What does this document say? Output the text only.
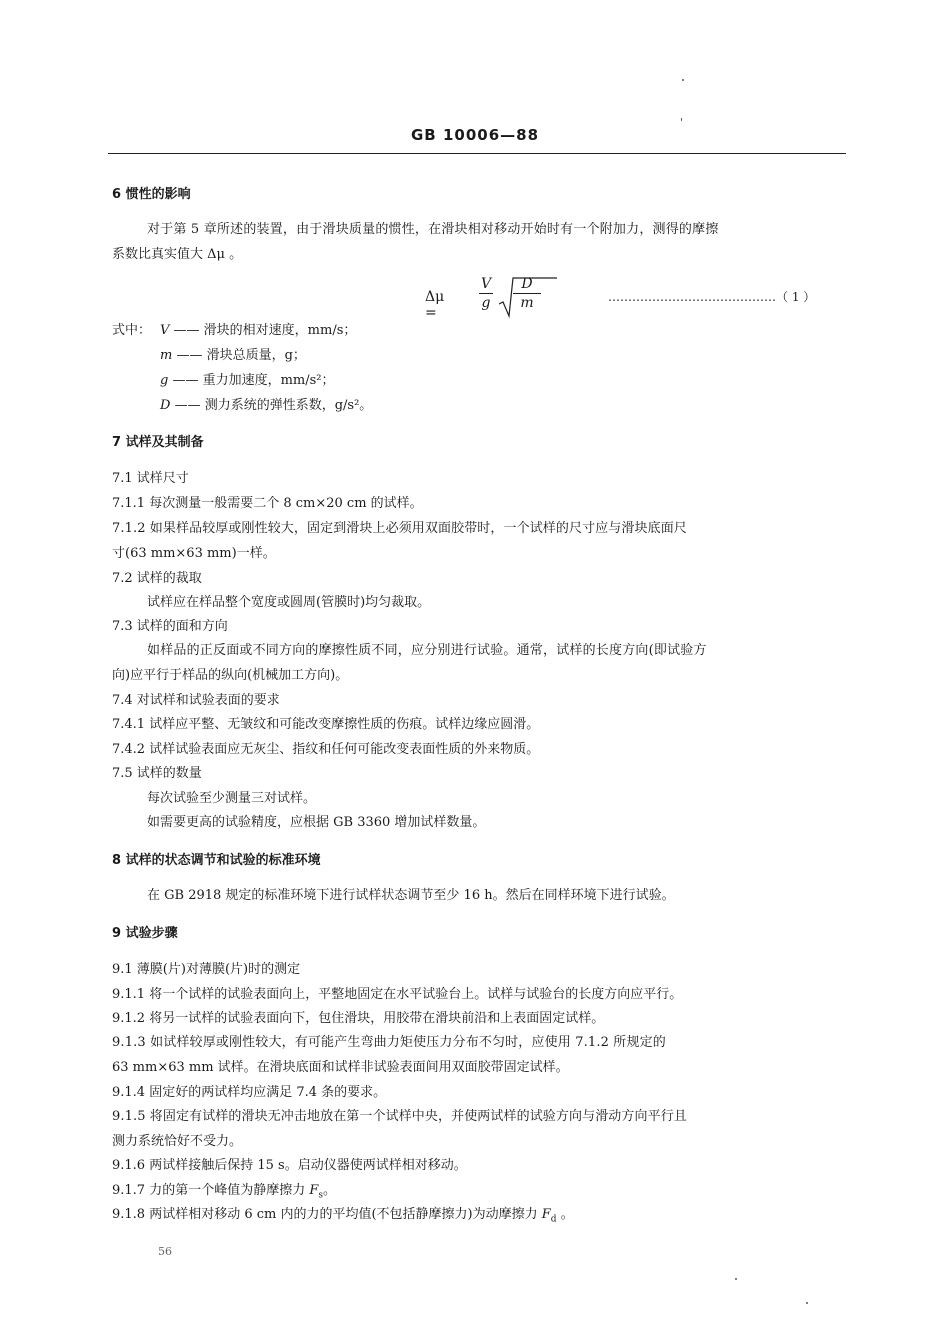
GB 10006—88
6 惯性的影响
对于第 5 章所述的装置，由于滑块质量的惯性，在滑块相对移动开始时有一个附加力，测得的摩擦
系数比真实值大 Δμ 。
Δμ =
V
g
D
m	……………………………………（ 1 ）
式中： V —— 滑块的相对速度，mm/s；
m —— 滑块总质量，g；
g —— 重力加速度，mm/s²；
D —— 测力系统的弹性系数，g/s²。
7 试样及其制备
7.1 试样尺寸
7.1.1 每次测量一般需要二个 8 cm×20 cm 的试样。
7.1.2 如果样品较厚或刚性较大，固定到滑块上必须用双面胶带时，一个试样的尺寸应与滑块底面尺
寸(63 mm×63 mm)一样。
7.2 试样的裁取
试样应在样品整个宽度或圆周(管膜时)均匀裁取。
7.3 试样的面和方向
如样品的正反面或不同方向的摩擦性质不同，应分别进行试验。通常，试样的长度方向(即试验方
向)应平行于样品的纵向(机械加工方向)。
7.4 对试样和试验表面的要求
7.4.1 试样应平整、无皱纹和可能改变摩擦性质的伤痕。试样边缘应圆滑。
7.4.2 试样试验表面应无灰尘、指纹和任何可能改变表面性质的外来物质。
7.5 试样的数量
每次试验至少测量三对试样。
如需要更高的试验精度，应根据 GB 3360 增加试样数量。
8 试样的状态调节和试验的标准环境
在 GB 2918 规定的标准环境下进行试样状态调节至少 16 h。然后在同样环境下进行试验。
9 试验步骤
9.1 薄膜(片)对薄膜(片)时的测定
9.1.1 将一个试样的试验表面向上，平整地固定在水平试验台上。试样与试验台的长度方向应平行。
9.1.2 将另一试样的试验表面向下，包住滑块，用胶带在滑块前沿和上表面固定试样。
9.1.3 如试样较厚或刚性较大，有可能产生弯曲力矩使压力分布不匀时，应使用 7.1.2 所规定的
63 mm×63 mm 试样。在滑块底面和试样非试验表面间用双面胶带固定试样。
9.1.4 固定好的两试样均应满足 7.4 条的要求。
9.1.5 将固定有试样的滑块无冲击地放在第一个试样中央，并使两试样的试验方向与滑动方向平行且
测力系统恰好不受力。
9.1.6 两试样接触后保持 15 s。启动仪器使两试样相对移动。
9.1.7 力的第一个峰值为静摩擦力 $F_s$。
9.1.8 两试样相对移动 6 cm 内的力的平均值(不包括静摩擦力)为动摩擦力 $F_d$ 。
56
